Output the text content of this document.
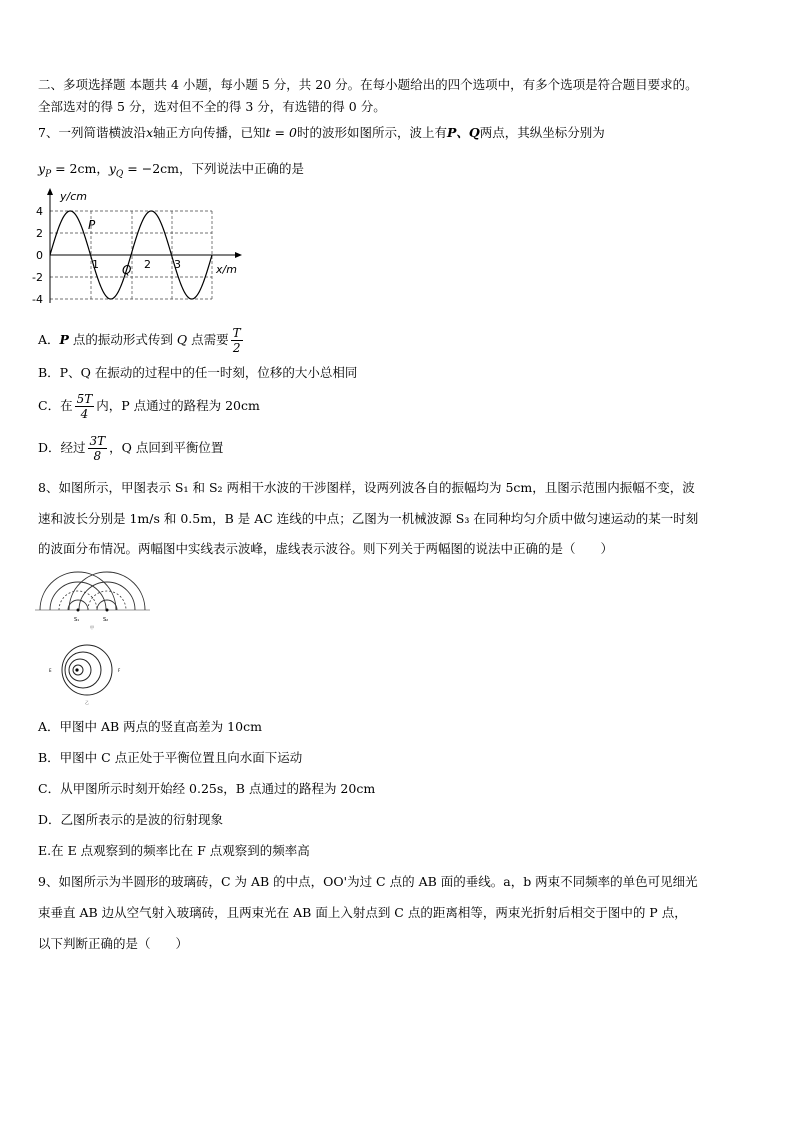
二、多项选择题 本题共 4 小题，每小题 5 分，共 20 分。在每小题给出的四个选项中，有多个选项是符合题目要求的。
全部选对的得 5 分，选对但不全的得 3 分，有选错的得 0 分。
7、一列简谐横波沿x轴正方向传播，已知t = 0时的波形如图所示，波上有P、Q两点，其纵坐标分别为
$y_P = 2cm$，$y_Q = -2cm$，下列说法中正确的是
y/cm
x/m
4
2
0
-2
-4
1	2 3
P
Q
A．P 点的振动形式传到 Q 点需要 $\frac{T}{2}$
B．P、Q 在振动的过程中的任一时刻，位移的大小总相同
C．在 $\frac{5T}{4}$ 内，P 点通过的路程为 20cm
D．经过 $\frac{3T}{8}$ ，Q 点回到平衡位置
8、如图所示，甲图表示 S₁ 和 S₂ 两相干水波的干涉图样，设两列波各自的振幅均为 5cm，且图示范围内振幅不变，波
速和波长分别是 1m/s 和 0.5m，B 是 AC 连线的中点；乙图为一机械波源 S₃ 在同种均匀介质中做匀速运动的某一时刻
的波面分布情况。两幅图中实线表示波峰，虚线表示波谷。则下列关于两幅图的说法中正确的是（　　）
S₁	S₂
甲
E	F
乙
A．甲图中 AB 两点的竖直高差为 10cm
B．甲图中 C 点正处于平衡位置且向水面下运动
C．从甲图所示时刻开始经 0.25s，B 点通过的路程为 20cm
D．乙图所表示的是波的衍射现象
E.在 E 点观察到的频率比在 F 点观察到的频率高
9、如图所示为半圆形的玻璃砖，C 为 AB 的中点，OO'为过 C 点的 AB 面的垂线。a，b 两束不同频率的单色可见细光
束垂直 AB 边从空气射入玻璃砖，且两束光在 AB 面上入射点到 C 点的距离相等，两束光折射后相交于图中的 P 点，
以下判断正确的是（　　）
